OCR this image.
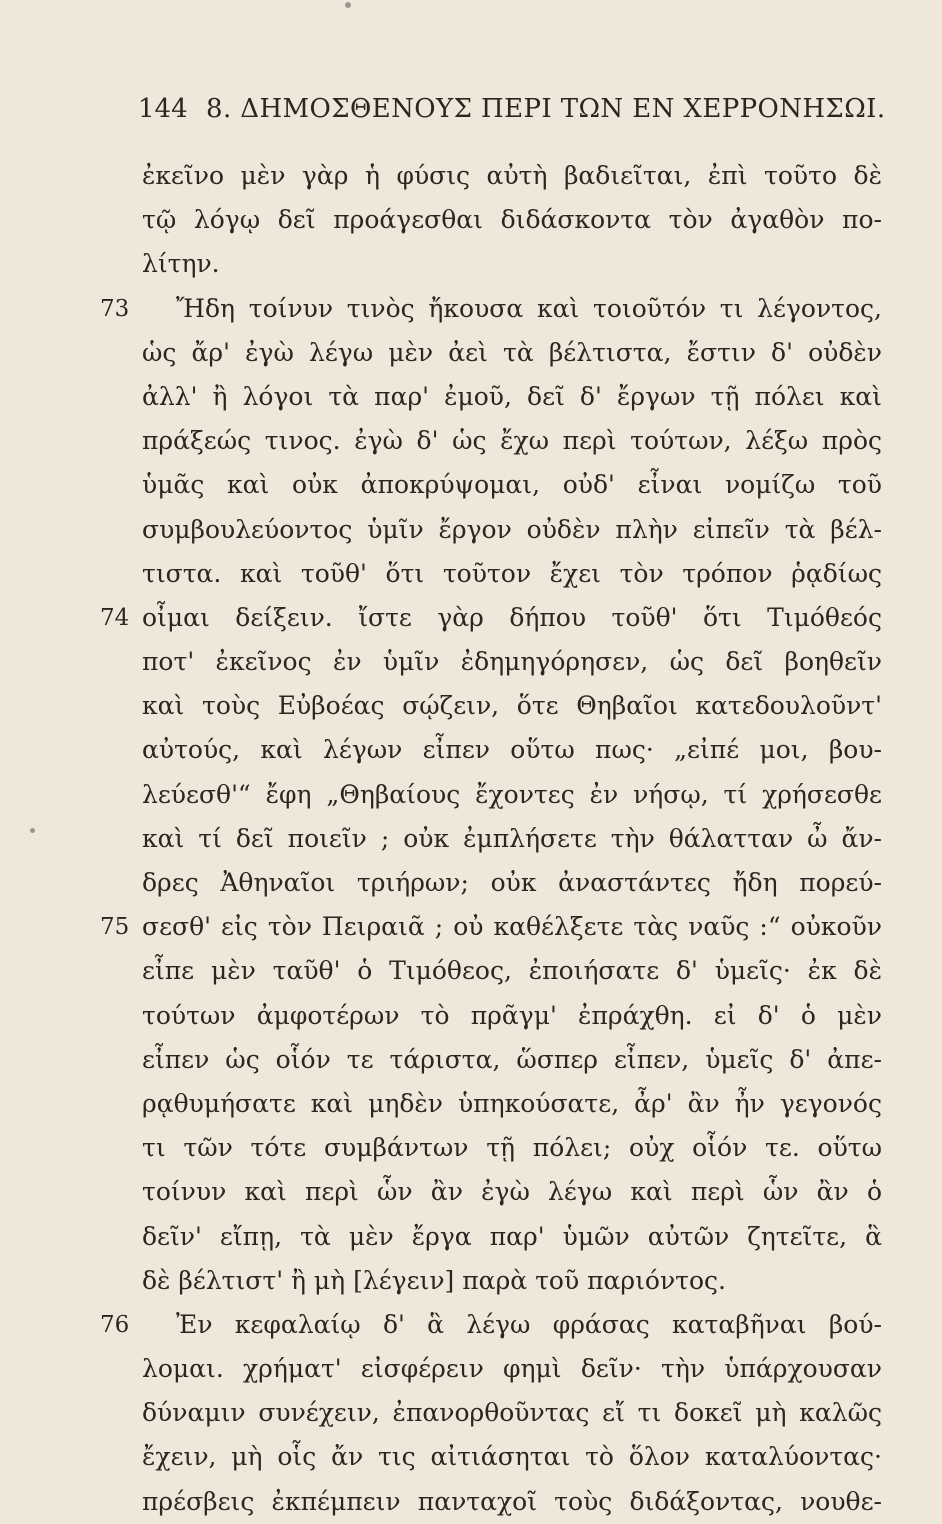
144 8. ΔΗΜΟΣΘΕΝΟΥΣ ΠΕΡΙ ΤΩΝ ΕΝ ΧΕΡΡΟΝΗΣΩΙ.
ἐκεῖνο μὲν γὰρ ἡ φύσις αὐτὴ βαδιεῖται, ἐπὶ τοῦτο δὲ
τῷ λόγῳ δεῖ προάγεσθαι διδάσκοντα τὸν ἀγαθὸν πο-
λίτην.
73	Ἤδη τοίνυν τινὸς ἤκουσα καὶ τοιοῦτόν τι λέγοντος,
ὡς ἄρ' ἐγὼ λέγω μὲν ἀεὶ τὰ βέλτιστα, ἔστιν δ' οὐδὲν
ἀλλ' ἢ λόγοι τὰ παρ' ἐμοῦ, δεῖ δ' ἔργων τῇ πόλει καὶ
πράξεώς τινος. ἐγὼ δ' ὡς ἔχω περὶ τούτων, λέξω πρὸς
ὑμᾶς καὶ οὐκ ἀποκρύψομαι, οὐδ' εἶναι νομίζω τοῦ
συμβουλεύοντος ὑμῖν ἔργον οὐδὲν πλὴν εἰπεῖν τὰ βέλ-
τιστα. καὶ τοῦθ' ὅτι τοῦτον ἔχει τὸν τρόπον ῥᾳδίως
74 οἶμαι δείξειν. ἴστε γὰρ δήπου τοῦθ' ὅτι Τιμόθεός
ποτ' ἐκεῖνος ἐν ὑμῖν ἐδημηγόρησεν, ὡς δεῖ βοηθεῖν
καὶ τοὺς Εὐβοέας σῴζειν, ὅτε Θηβαῖοι κατεδουλοῦντ'
αὐτούς, καὶ λέγων εἶπεν οὕτω πως· „εἰπέ μοι, βου-
λεύεσθ'“ ἔφη „Θηβαίους ἔχοντες ἐν νήσῳ, τί χρήσεσθε
καὶ τί δεῖ ποιεῖν ; οὐκ ἐμπλήσετε τὴν θάλατταν ὦ ἄν-
δρες Ἀθηναῖοι τριήρων; οὐκ ἀναστάντες ἤδη πορεύ-
75 σεσθ' εἰς τὸν Πειραιᾶ ; οὐ καθέλξετε τὰς ναῦς :“ οὐκοῦν
εἶπε μὲν ταῦθ' ὁ Τιμόθεος, ἐποιήσατε δ' ὑμεῖς· ἐκ δὲ
τούτων ἀμφοτέρων τὸ πρᾶγμ' ἐπράχθη. εἰ δ' ὁ μὲν
εἶπεν ὡς οἷόν τε τάριστα, ὥσπερ εἶπεν, ὑμεῖς δ' ἀπε-
ρᾳθυμήσατε καὶ μηδὲν ὑπηκούσατε, ἆρ' ἂν ἦν γεγονός
τι τῶν τότε συμβάντων τῇ πόλει; οὐχ οἷόν τε. οὕτω
τοίνυν καὶ περὶ ὧν ἂν ἐγὼ λέγω καὶ περὶ ὧν ἂν ὁ
δεῖν' εἴπῃ, τὰ μὲν ἔργα παρ' ὑμῶν αὐτῶν ζητεῖτε, ἃ
δὲ βέλτιστ' ἢ μὴ [λέγειν] παρὰ τοῦ παριόντος.
76	Ἐν κεφαλαίῳ δ' ἃ λέγω φράσας καταβῆναι βού-
λομαι. χρήματ' εἰσφέρειν φημὶ δεῖν· τὴν ὑπάρχουσαν
δύναμιν συνέχειν, ἐπανορθοῦντας εἴ τι δοκεῖ μὴ καλῶς
ἔχειν, μὴ οἷς ἄν τις αἰτιάσηται τὸ ὅλον καταλύοντας·
πρέσβεις ἐκπέμπειν πανταχοῖ τοὺς διδάξοντας, νουθε-
